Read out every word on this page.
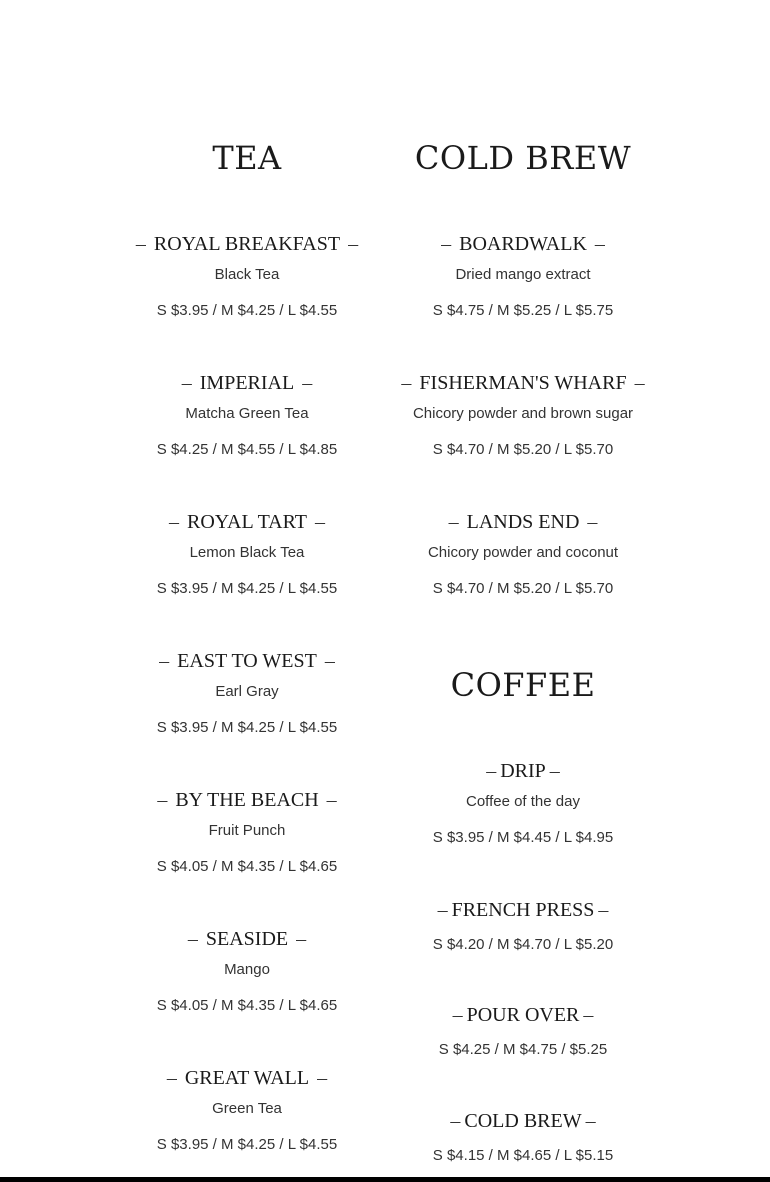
TEA
– ROYAL BREAKFAST –
Black Tea
S $3.95 / M $4.25 / L $4.55
– IMPERIAL –
Matcha Green Tea
S $4.25 / M $4.55 / L $4.85
– ROYAL TART –
Lemon Black Tea
S $3.95 / M $4.25 / L $4.55
– EAST TO WEST –
Earl Gray
S $3.95 / M $4.25 / L $4.55
– BY THE BEACH –
Fruit Punch
S $4.05 / M $4.35 / L $4.65
– SEASIDE –
Mango
S $4.05 / M $4.35 / L $4.65
– GREAT WALL –
Green Tea
S $3.95 / M $4.25 / L $4.55
COLD BREW
– BOARDWALK –
Dried mango extract
S $4.75 / M $5.25 / L $5.75
– FISHERMAN'S WHARF –
Chicory powder and brown sugar
S $4.70 / M $5.20 / L $5.70
– LANDS END –
Chicory powder and coconut
S $4.70 / M $5.20 / L $5.70
COFFEE
– DRIP –
Coffee of the day
S $3.95 / M $4.45 / L $4.95
– FRENCH PRESS –
S $4.20 / M $4.70 / L $5.20
– POUR OVER –
S $4.25 / M $4.75 / $5.25
– COLD BREW –
S $4.15 / M $4.65 / L $5.15
